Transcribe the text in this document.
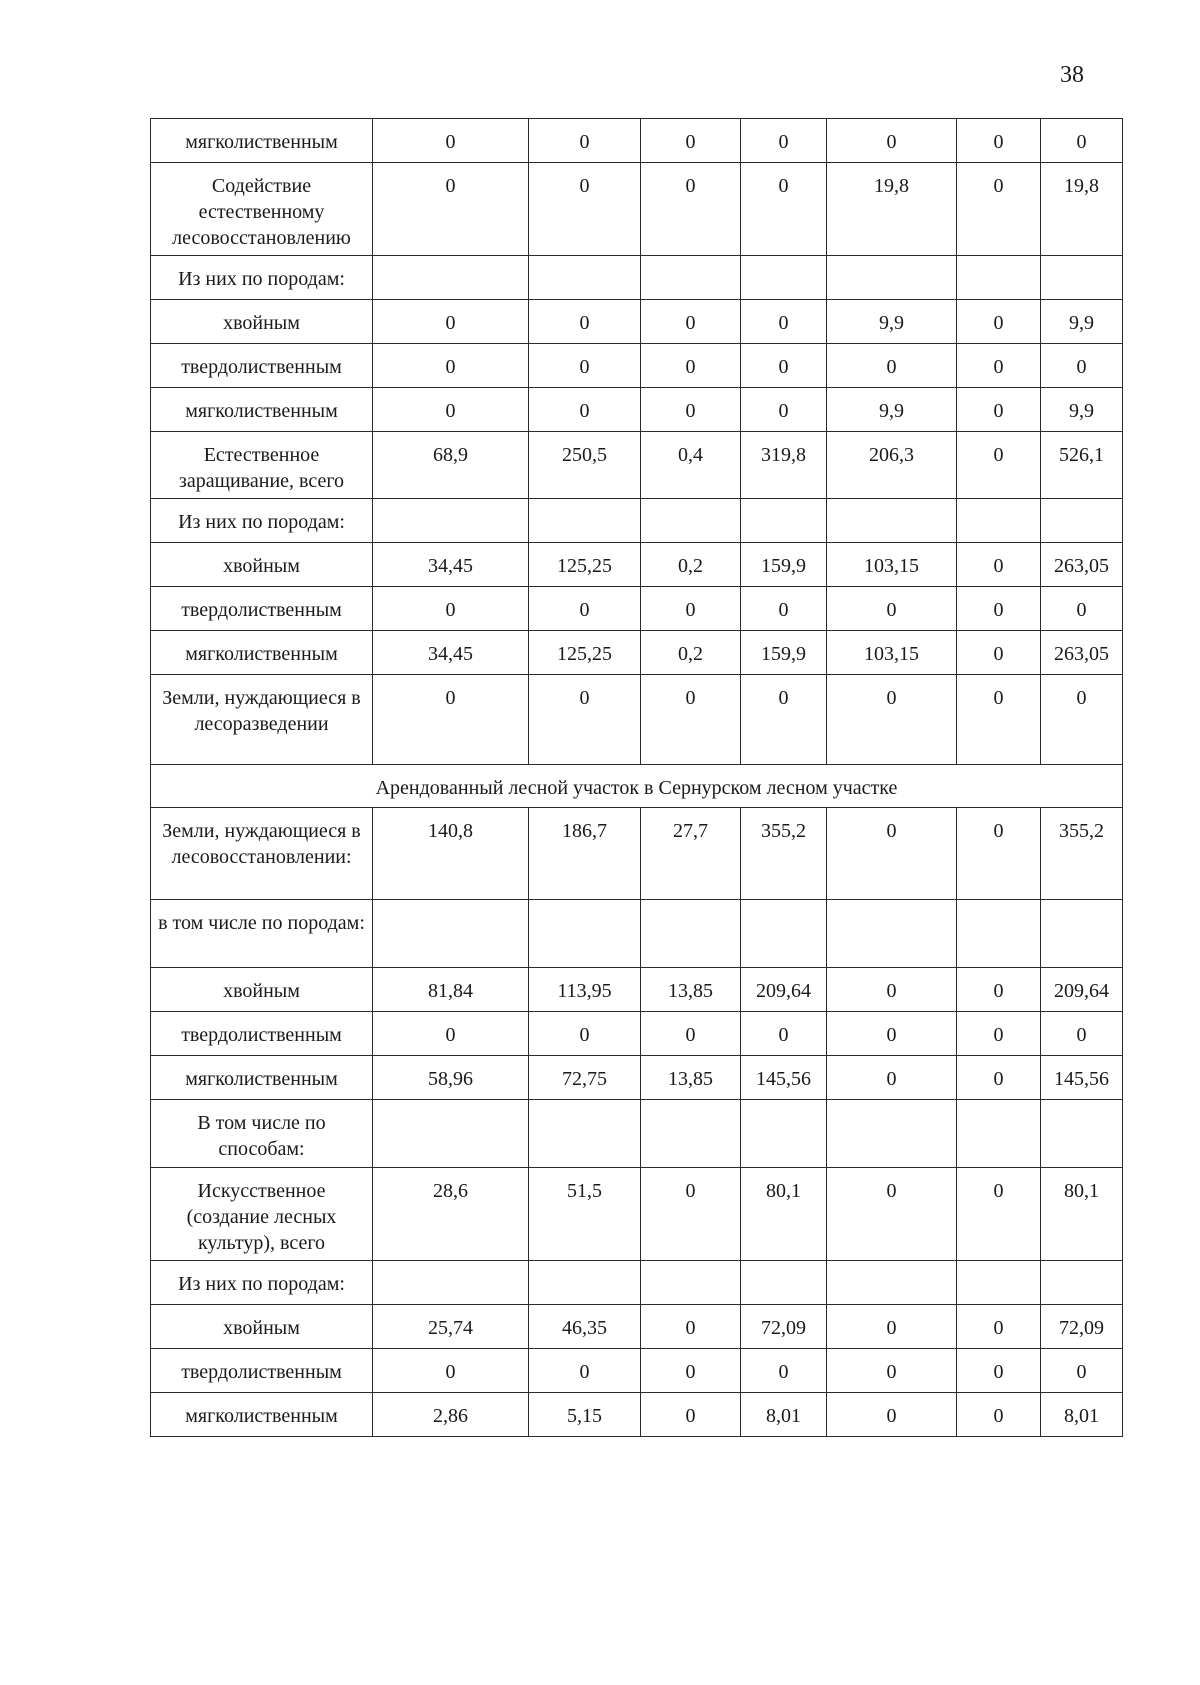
38
мягколиственным	0	0	0	0	0	0	0
Содействие естественному лесовосстановлению	0	0	0	0	19,8	0	19,8
Из них по породам:							
хвойным	0	0	0	0	9,9	0	9,9
твердолиственным	0	0	0	0	0	0	0
мягколиственным	0	0	0	0	9,9	0	9,9
Естественное заращивание, всего	68,9	250,5	0,4	319,8	206,3	0	526,1
Из них по породам:							
хвойным	34,45	125,25	0,2	159,9	103,15	0	263,05
твердолиственным	0	0	0	0	0	0	0
мягколиственным	34,45	125,25	0,2	159,9	103,15	0	263,05
Земли, нуждающиеся в лесоразведении	0	0	0	0	0	0	0
Арендованный лесной участок в Сернурском лесном участке							
Земли, нуждающиеся в лесовосстановлении:	140,8	186,7	27,7	355,2	0	0	355,2
в том числе по породам:							
хвойным	81,84	113,95	13,85	209,64	0	0	209,64
твердолиственным	0	0	0	0	0	0	0
мягколиственным	58,96	72,75	13,85	145,56	0	0	145,56
В том числе по способам:							
Искусственное (создание лесных культур), всего	28,6	51,5	0	80,1	0	0	80,1
Из них по породам:							
хвойным	25,74	46,35	0	72,09	0	0	72,09
твердолиственным	0	0	0	0	0	0	0
мягколиственным	2,86	5,15	0	8,01	0	0	8,01
